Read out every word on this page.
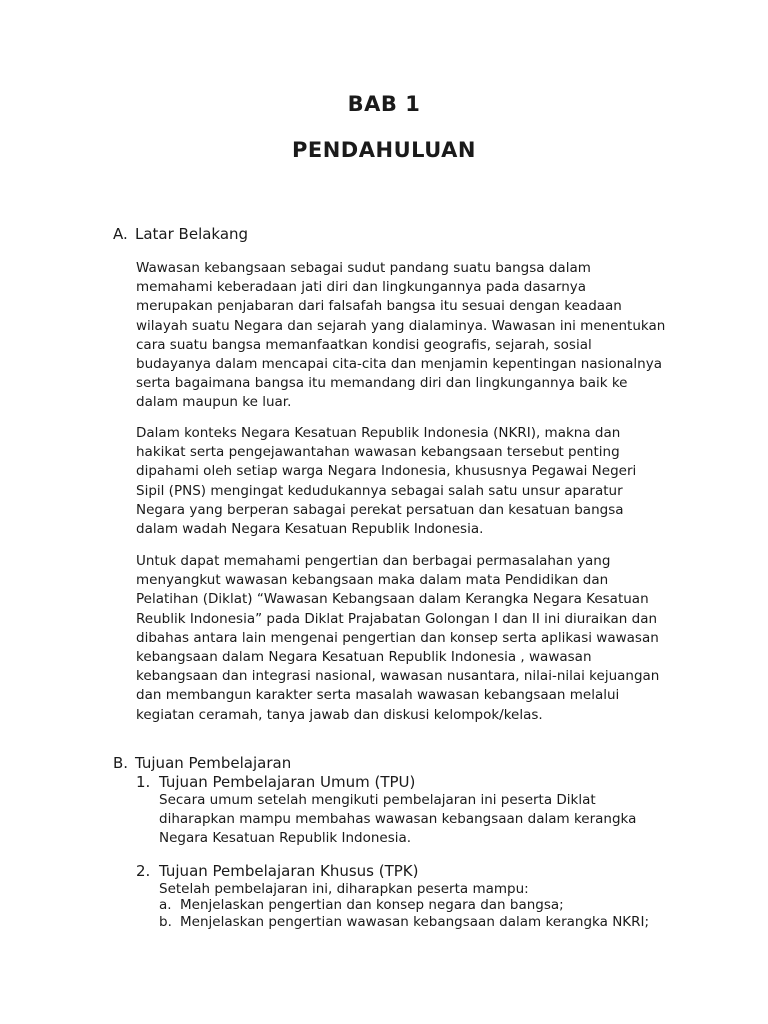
BAB 1
PENDAHULUAN
A. Latar Belakang

Wawasan kebangsaan sebagai sudut pandang suatu bangsa dalam
memahami keberadaan jati diri dan lingkungannya pada dasarnya
merupakan penjabaran dari falsafah bangsa itu sesuai dengan keadaan
wilayah suatu Negara dan sejarah yang dialaminya. Wawasan ini menentukan
cara suatu bangsa memanfaatkan kondisi geografis, sejarah, sosial
budayanya dalam mencapai cita-cita dan menjamin kepentingan nasionalnya
serta bagaimana bangsa itu memandang diri dan lingkungannya baik ke
dalam maupun ke luar.

Dalam konteks Negara Kesatuan Republik Indonesia (NKRI), makna dan
hakikat serta pengejawantahan wawasan kebangsaan tersebut penting
dipahami oleh setiap warga Negara Indonesia, khususnya Pegawai Negeri
Sipil (PNS) mengingat kedudukannya sebagai salah satu unsur aparatur
Negara yang berperan sabagai perekat persatuan dan kesatuan bangsa
dalam wadah Negara Kesatuan Republik Indonesia.

Untuk dapat memahami pengertian dan berbagai permasalahan yang
menyangkut wawasan kebangsaan maka dalam mata Pendidikan dan
Pelatihan (Diklat) “Wawasan Kebangsaan dalam Kerangka Negara Kesatuan
Reublik Indonesia” pada Diklat Prajabatan Golongan I dan II ini diuraikan dan
dibahas antara lain mengenai pengertian dan konsep serta aplikasi wawasan
kebangsaan dalam Negara Kesatuan Republik Indonesia , wawasan
kebangsaan dan integrasi nasional, wawasan nusantara, nilai-nilai kejuangan
dan membangun karakter serta masalah wawasan kebangsaan melalui
kegiatan ceramah, tanya jawab dan diskusi kelompok/kelas.

B. Tujuan Pembelajaran
1. Tujuan Pembelajaran Umum (TPU)

Secara umum setelah mengikuti pembelajaran ini peserta Diklat
diharapkan mampu membahas wawasan kebangsaan dalam kerangka
Negara Kesatuan Republik Indonesia.

2. Tujuan Pembelajaran Khusus (TPK)

Setelah pembelajaran ini, diharapkan peserta mampu:

a. Menjelaskan pengertian dan konsep negara dan bangsa;
b. Menjelaskan pengertian wawasan kebangsaan dalam kerangka NKRI;
